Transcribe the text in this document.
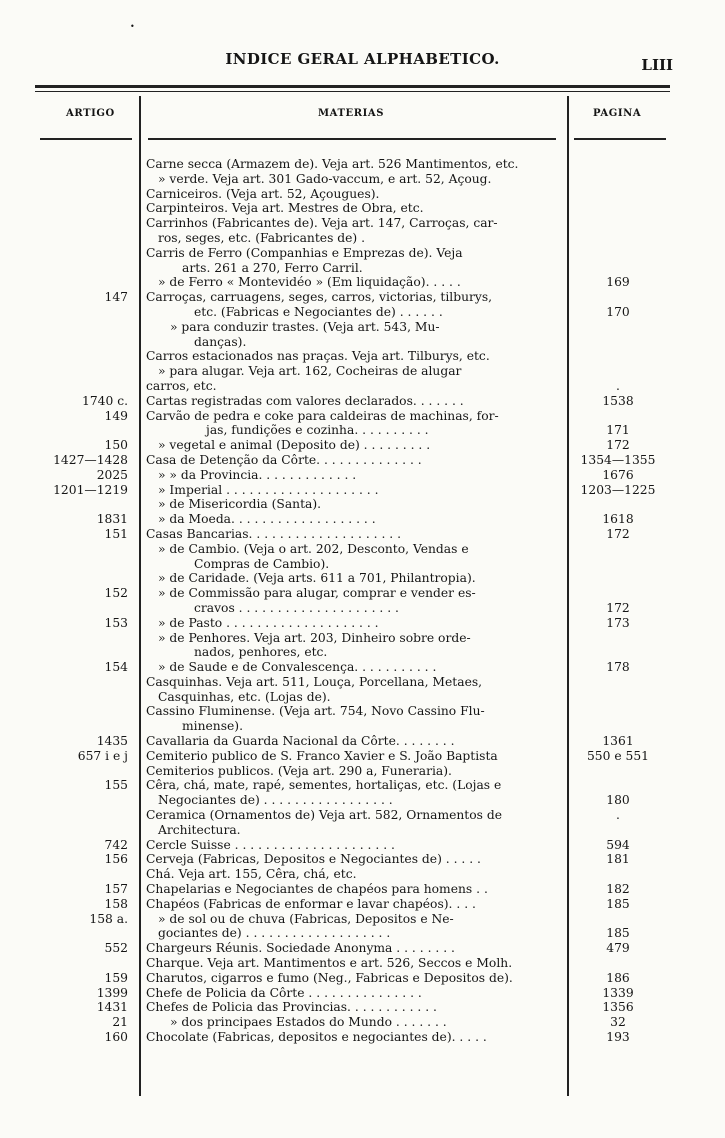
•
INDICE GERAL ALPHABETICO.	LIII
ARTIGO	MATERIAS	PAGINA
Carne secca (Armazem de). Veja art. 526 Mantimentos, etc.
» verde. Veja art. 301 Gado-vaccum, e art. 52, Açoug.
Carniceiros. (Veja art. 52, Açougues).
Carpinteiros. Veja art. Mestres de Obra, etc.
Carrinhos (Fabricantes de). Veja art. 147, Carroças, car-
ros, seges, etc. (Fabricantes de) .
Carris de Ferro (Companhias e Emprezas de). Veja
arts. 261 a 270, Ferro Carril.
» de Ferro « Montevidéo » (Em liquidação). . . . .	169
147 Carroças, carruagens, seges, carros, victorias, tilburys,
etc. (Fabricas e Negociantes de) . . . . . .	170
» para conduzir trastes. (Veja art. 543, Mu-
danças).
Carros estacionados nas praças. Veja art. Tilburys, etc.
» para alugar. Veja art. 162, Cocheiras de alugar
carros, etc.	.
1740 c. Cartas registradas com valores declarados. . . . . . .	1538
149 Carvão de pedra e coke para caldeiras de machinas, for-
jas, fundições e cozinha. . . . . . . . . .	171
150	» vegetal e animal (Deposito de) . . . . . . . . .	172
1427—1428 Casa de Detenção da Côrte. . . . . . . . . . . . . .	1354—1355
2025	» » da Provincia. . . . . . . . . . . . .	1676
1201—1219	» Imperial . . . . . . . . . . . . . . . . . . . .	1203—1225
» de Misericordia (Santa).
1831	» da Moeda. . . . . . . . . . . . . . . . . . .	1618
151 Casas Bancarias. . . . . . . . . . . . . . . . . . . .	172
» de Cambio. (Veja o art. 202, Desconto, Vendas e
Compras de Cambio).
» de Caridade. (Veja arts. 611 a 701, Philantropia).
152	» de Commissão para alugar, comprar e vender es-
cravos . . . . . . . . . . . . . . . . . . . . .	172
153	» de Pasto . . . . . . . . . . . . . . . . . . . .	173
» de Penhores. Veja art. 203, Dinheiro sobre orde-
nados, penhores, etc.
154	» de Saude e de Convalescença. . . . . . . . . . .	178
Casquinhas. Veja art. 511, Louça, Porcellana, Metaes,
Casquinhas, etc. (Lojas de).
Cassino Fluminense. (Veja art. 754, Novo Cassino Flu-
minense).
1435 Cavallaria da Guarda Nacional da Côrte. . . . . . . .	1361
657 i e j Cemiterio publico de S. Franco Xavier e S. João Baptista	550 e 551
Cemiterios publicos. (Veja art. 290 a, Funeraria).
155 Cêra, chá, mate, rapé, sementes, hortaliças, etc. (Lojas e
Negociantes de) . . . . . . . . . . . . . . . . .	180
Ceramica (Ornamentos de) Veja art. 582, Ornamentos de	.
Architectura.
742 Cercle Suisse . . . . . . . . . . . . . . . . . . . . .	594
156 Cerveja (Fabricas, Depositos e Negociantes de) . . . . .	181
Chá. Veja art. 155, Cêra, chá, etc.
157 Chapelarias e Negociantes de chapéos para homens . .	182
158 Chapéos (Fabricas de enformar e lavar chapéos). . . .	185
158 a.	» de sol ou de chuva (Fabricas, Depositos e Ne-
gociantes de) . . . . . . . . . . . . . . . . . . .	185
552 Chargeurs Réunis. Sociedade Anonyma . . . . . . . .	479
Charque. Veja art. Mantimentos e art. 526, Seccos e Molh.
159 Charutos, cigarros e fumo (Neg., Fabricas e Depositos de).	186
1399 Chefe de Policia da Côrte . . . . . . . . . . . . . . .	1339
1431 Chefes de Policia das Provincias. . . . . . . . . . . .	1356
21	» dos principaes Estados do Mundo . . . . . . .	32
160 Chocolate (Fabricas, depositos e negociantes de). . . . .	193
